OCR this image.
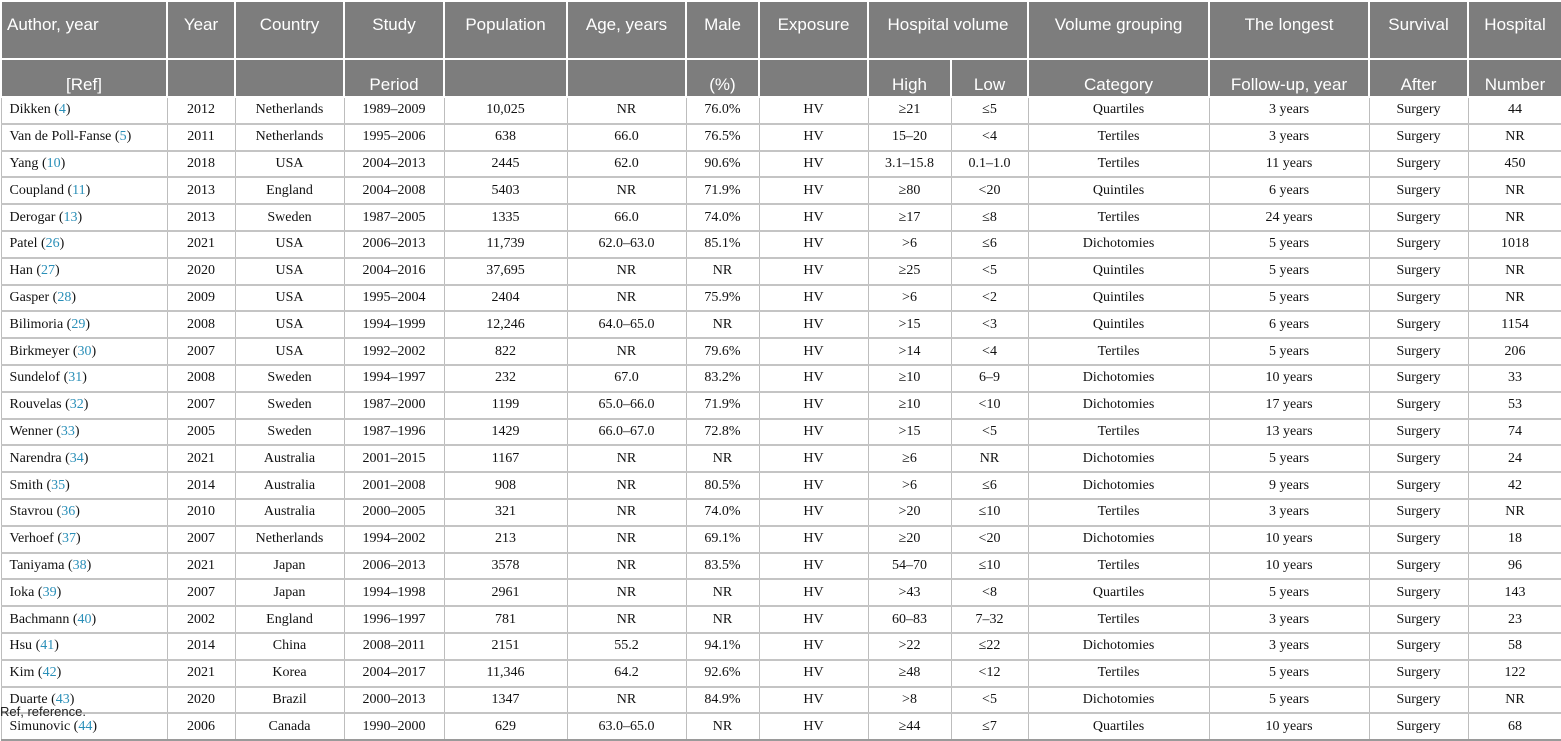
Author, year	Year	Country	Study	Population	Age, years	Male	Exposure	Hospital volume		Volume grouping	The longest	Survival	Hospital
[Ref]			Period			(%)		High	Low	Category	Follow-up, year	After	Number
Dikken (4)	2012	Netherlands	1989–2009	10,025	NR	76.0%	HV	≥21	≤5	Quartiles	3 years	Surgery	44
Van de Poll-Fanse (5)	2011	Netherlands	1995–2006	638	66.0	76.5%	HV	15–20	<4	Tertiles	3 years	Surgery	NR
Yang (10)	2018	USA	2004–2013	2445	62.0	90.6%	HV	3.1–15.8	0.1–1.0	Tertiles	11 years	Surgery	450
Coupland (11)	2013	England	2004–2008	5403	NR	71.9%	HV	≥80	<20	Quintiles	6 years	Surgery	NR
Derogar (13)	2013	Sweden	1987–2005	1335	66.0	74.0%	HV	≥17	≤8	Tertiles	24 years	Surgery	NR
Patel (26)	2021	USA	2006–2013	11,739	62.0–63.0	85.1%	HV	>6	≤6	Dichotomies	5 years	Surgery	1018
Han (27)	2020	USA	2004–2016	37,695	NR	NR	HV	≥25	<5	Quintiles	5 years	Surgery	NR
Gasper (28)	2009	USA	1995–2004	2404	NR	75.9%	HV	>6	<2	Quintiles	5 years	Surgery	NR
Bilimoria (29)	2008	USA	1994–1999	12,246	64.0–65.0	NR	HV	>15	<3	Quintiles	6 years	Surgery	1154
Birkmeyer (30)	2007	USA	1992–2002	822	NR	79.6%	HV	>14	<4	Tertiles	5 years	Surgery	206
Sundelof (31)	2008	Sweden	1994–1997	232	67.0	83.2%	HV	≥10	6–9	Dichotomies	10 years	Surgery	33
Rouvelas (32)	2007	Sweden	1987–2000	1199	65.0–66.0	71.9%	HV	≥10	<10	Dichotomies	17 years	Surgery	53
Wenner (33)	2005	Sweden	1987–1996	1429	66.0–67.0	72.8%	HV	>15	<5	Tertiles	13 years	Surgery	74
Narendra (34)	2021	Australia	2001–2015	1167	NR	NR	HV	≥6	NR	Dichotomies	5 years	Surgery	24
Smith (35)	2014	Australia	2001–2008	908	NR	80.5%	HV	>6	≤6	Dichotomies	9 years	Surgery	42
Stavrou (36)	2010	Australia	2000–2005	321	NR	74.0%	HV	>20	≤10	Tertiles	3 years	Surgery	NR
Verhoef (37)	2007	Netherlands	1994–2002	213	NR	69.1%	HV	≥20	<20	Dichotomies	10 years	Surgery	18
Taniyama (38)	2021	Japan	2006–2013	3578	NR	83.5%	HV	54–70	≤10	Tertiles	10 years	Surgery	96
Ioka (39)	2007	Japan	1994–1998	2961	NR	NR	HV	>43	<8	Quartiles	5 years	Surgery	143
Bachmann (40)	2002	England	1996–1997	781	NR	NR	HV	60–83	7–32	Tertiles	3 years	Surgery	23
Hsu (41)	2014	China	2008–2011	2151	55.2	94.1%	HV	>22	≤22	Dichotomies	3 years	Surgery	58
Kim (42)	2021	Korea	2004–2017	11,346	64.2	92.6%	HV	≥48	<12	Tertiles	5 years	Surgery	122
Duarte (43)	2020	Brazil	2000–2013	1347	NR	84.9%	HV	>8	<5	Dichotomies	5 years	Surgery	NR
Simunovic (44)	2006	Canada	1990–2000	629	63.0–65.0	NR	HV	≥44	≤7	Quartiles	10 years	Surgery	68
Ref, reference.
